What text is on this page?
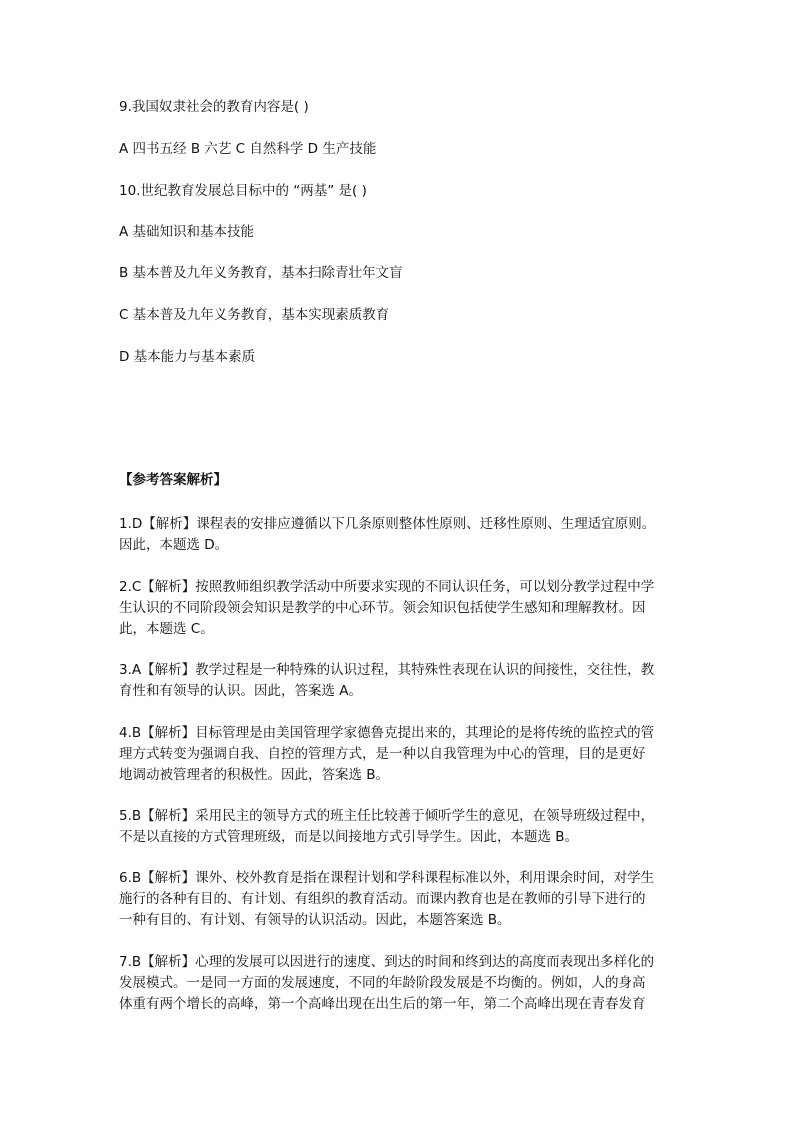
9.我国奴隶社会的教育内容是( )

A 四书五经 B 六艺 C 自然科学 D 生产技能

10.世纪教育发展总目标中的 “两基” 是( )

A 基础知识和基本技能

B 基本普及九年义务教育，基本扫除青壮年文盲

C 基本普及九年义务教育，基本实现素质教育

D 基本能力与基本素质

【参考答案解析】

1.D【解析】课程表的安排应遵循以下几条原则整体性原则、迁移性原则、生理适宜原则。
因此，本题选 D。
2.C【解析】按照教师组织教学活动中所要求实现的不同认识任务，可以划分教学过程中学
生认识的不同阶段领会知识是教学的中心环节。领会知识包括使学生感知和理解教材。因
此，本题选 C。
3.A【解析】教学过程是一种特殊的认识过程，其特殊性表现在认识的间接性，交往性，教
育性和有领导的认识。因此，答案选 A。
4.B【解析】目标管理是由美国管理学家德鲁克提出来的，其理论的是将传统的监控式的管
理方式转变为强调自我、自控的管理方式，是一种以自我管理为中心的管理，目的是更好
地调动被管理者的积极性。因此，答案选 B。
5.B【解析】采用民主的领导方式的班主任比较善于倾听学生的意见，在领导班级过程中，
不是以直接的方式管理班级，而是以间接地方式引导学生。因此，本题选 B。
6.B【解析】课外、校外教育是指在课程计划和学科课程标准以外，利用课余时间，对学生
施行的各种有目的、有计划、有组织的教育活动。而课内教育也是在教师的引导下进行的
一种有目的、有计划、有领导的认识活动。因此，本题答案选 B。
7.B【解析】心理的发展可以因进行的速度、到达的时间和终到达的高度而表现出多样化的
发展模式。一是同一方面的发展速度，不同的年龄阶段发展是不均衡的。例如，人的身高
体重有两个增长的高峰，第一个高峰出现在出生后的第一年，第二个高峰出现在青春发育
